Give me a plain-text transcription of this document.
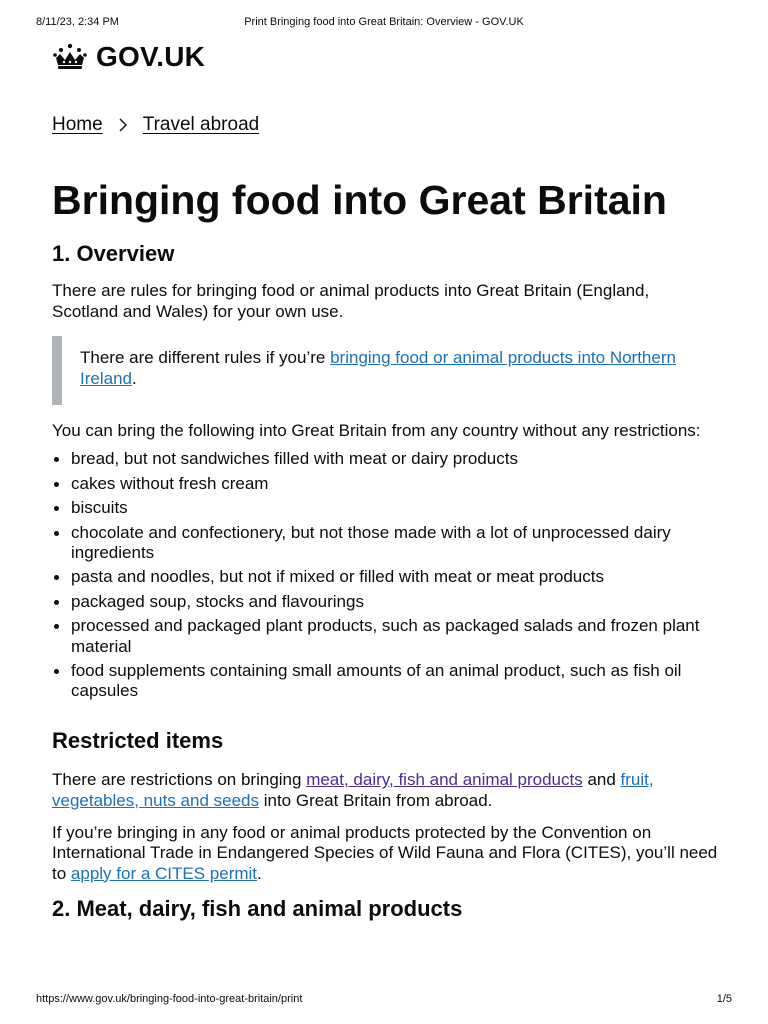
8/11/23, 2:34 PM	Print Bringing food into Great Britain: Overview - GOV.UK
GOV.UK
Home Travel abroad
Bringing food into Great Britain
1. Overview

There are rules for bringing food or animal products into Great Britain (England, Scotland and Wales) for your own use.

There are different rules if you’re bringing food or animal products into Northern Ireland.

You can bring the following into Great Britain from any country without any restrictions:

bread, but not sandwiches filled with meat or dairy products
cakes without fresh cream
biscuits
chocolate and confectionery, but not those made with a lot of unprocessed dairy ingredients
pasta and noodles, but not if mixed or filled with meat or meat products
packaged soup, stocks and flavourings
processed and packaged plant products, such as packaged salads and frozen plant material
food supplements containing small amounts of an animal product, such as fish oil capsules
Restricted items

There are restrictions on bringing meat, dairy, fish and animal products and fruit, vegetables, nuts and seeds into Great Britain from abroad.

If you’re bringing in any food or animal products protected by the Convention on International Trade in Endangered Species of Wild Fauna and Flora (CITES), you’ll need to apply for a CITES permit.

2. Meat, dairy, fish and animal products
https://www.gov.uk/bringing-food-into-great-britain/print	1/5
